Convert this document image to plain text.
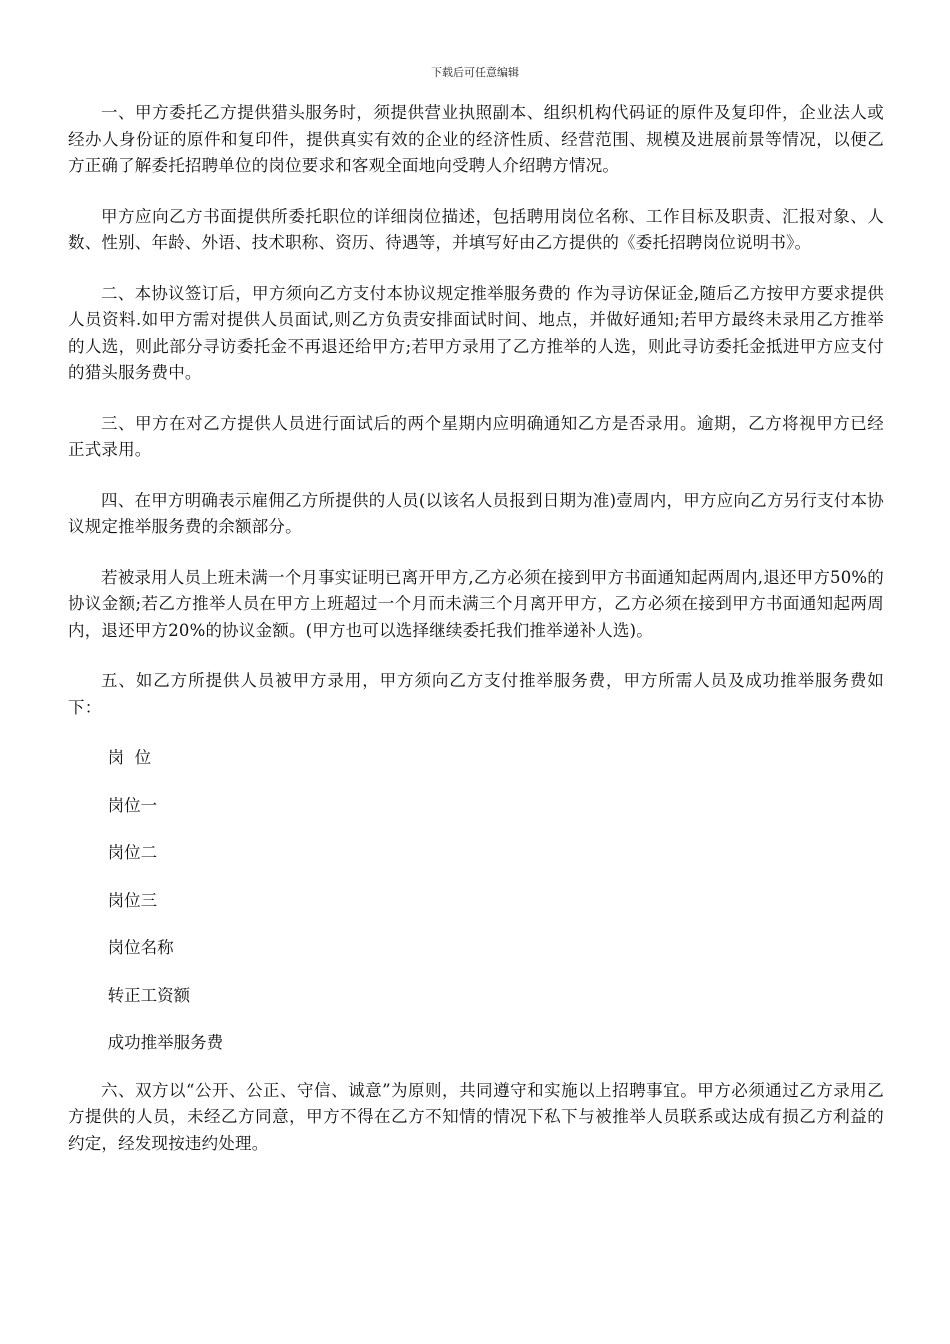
下载后可任意编辑

一、甲方委托乙方提供猎头服务时，须提供营业执照副本、组织机构代码证的原件及复印件，企业法人或经办人身份证的原件和复印件，提供真实有效的企业的经济性质、经营范围、规模及进展前景等情况，以便乙方正确了解委托招聘单位的岗位要求和客观全面地向受聘人介绍聘方情况。

甲方应向乙方书面提供所委托职位的详细岗位描述，包括聘用岗位名称、工作目标及职责、汇报对象、人数、性别、年龄、外语、技术职称、资历、待遇等，并填写好由乙方提供的《委托招聘岗位说明书》。

二、本协议签订后，甲方须向乙方支付本协议规定推举服务费的 作为寻访保证金,随后乙方按甲方要求提供人员资料.如甲方需对提供人员面试,则乙方负责安排面试时间、地点，并做好通知;若甲方最终未录用乙方推举的人选，则此部分寻访委托金不再退还给甲方;若甲方录用了乙方推举的人选，则此寻访委托金抵进甲方应支付的猎头服务费中。

三、甲方在对乙方提供人员进行面试后的两个星期内应明确通知乙方是否录用。逾期，乙方将视甲方已经正式录用。

四、在甲方明确表示雇佣乙方所提供的人员(以该名人员报到日期为准)壹周内，甲方应向乙方另行支付本协议规定推举服务费的余额部分。

若被录用人员上班未满一个月事实证明已离开甲方,乙方必须在接到甲方书面通知起两周内,退还甲方50%的协议金额;若乙方推举人员在甲方上班超过一个月而未满三个月离开甲方，乙方必须在接到甲方书面通知起两周内，退还甲方20%的协议金额。(甲方也可以选择继续委托我们推举递补人选)。

五、如乙方所提供人员被甲方录用，甲方须向乙方支付推举服务费，甲方所需人员及成功推举服务费如下：

岗  位
岗位一
岗位二
岗位三
岗位名称
转正工资额
成功推举服务费

六、双方以“公开、公正、守信、诚意”为原则，共同遵守和实施以上招聘事宜。甲方必须通过乙方录用乙方提供的人员，未经乙方同意，甲方不得在乙方不知情的情况下私下与被推举人员联系或达成有损乙方利益的约定，经发现按违约处理。
